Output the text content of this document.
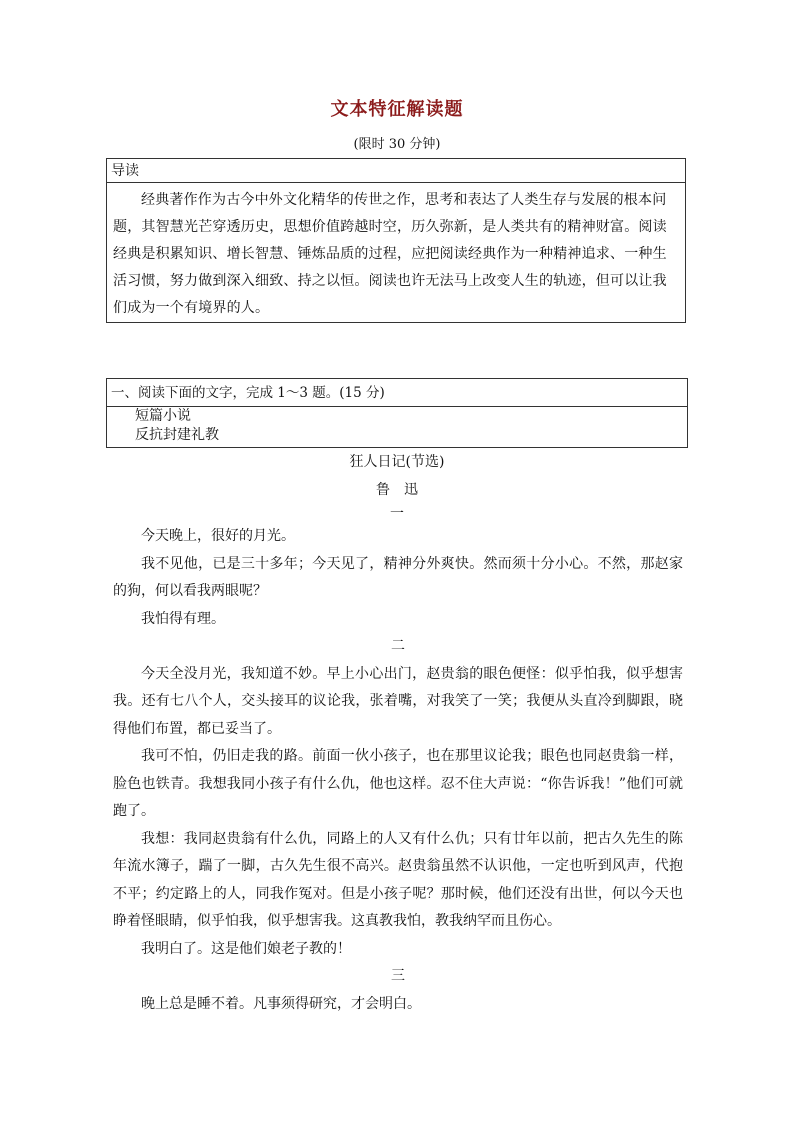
文本特征解读题
(限时 30 分钟)
导读
经典著作作为古今中外文化精华的传世之作，思考和表达了人类生存与发展的根本问题，其智慧光芒穿透历史，思想价值跨越时空，历久弥新，是人类共有的精神财富。阅读经典是积累知识、增长智慧、锤炼品质的过程，应把阅读经典作为一种精神追求、一种生活习惯，努力做到深入细致、持之以恒。阅读也许无法马上改变人生的轨迹，但可以让我们成为一个有境界的人。
一、阅读下面的文字，完成 1～3 题。(15 分)
短篇小说
反抗封建礼教
狂人日记(节选)
鲁　迅
一

今天晚上，很好的月光。

我不见他，已是三十多年；今天见了，精神分外爽快。然而须十分小心。不然，那赵家的狗，何以看我两眼呢？

我怕得有理。

二

今天全没月光，我知道不妙。早上小心出门，赵贵翁的眼色便怪：似乎怕我，似乎想害我。还有七八个人，交头接耳的议论我，张着嘴，对我笑了一笑；我便从头直冷到脚跟，晓得他们布置，都已妥当了。

我可不怕，仍旧走我的路。前面一伙小孩子，也在那里议论我；眼色也同赵贵翁一样，脸色也铁青。我想我同小孩子有什么仇，他也这样。忍不住大声说：“你告诉我！”他们可就跑了。

我想：我同赵贵翁有什么仇，同路上的人又有什么仇；只有廿年以前，把古久先生的陈年流水簿子，踹了一脚，古久先生很不高兴。赵贵翁虽然不认识他，一定也听到风声，代抱不平；约定路上的人，同我作冤对。但是小孩子呢？那时候，他们还没有出世，何以今天也睁着怪眼睛，似乎怕我，似乎想害我。这真教我怕，教我纳罕而且伤心。

我明白了。这是他们娘老子教的！

三

晚上总是睡不着。凡事须得研究，才会明白。
